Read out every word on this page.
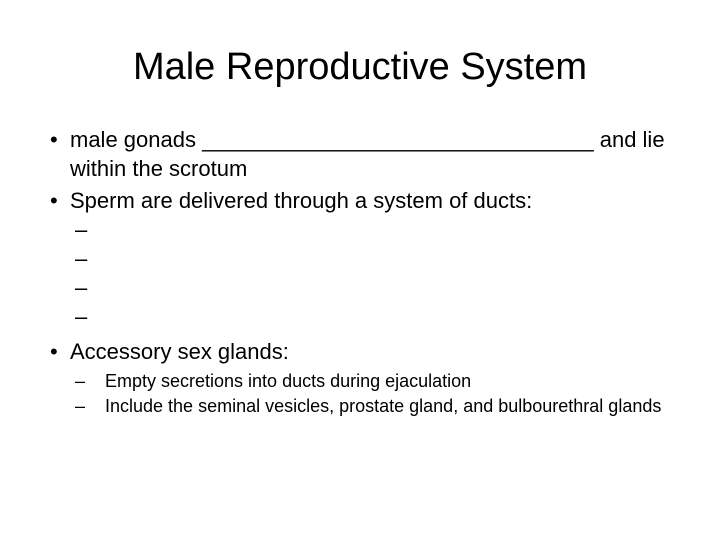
Male Reproductive System
• male gonads ________________________________ and lie within the scrotum
• Sperm are delivered through a system of ducts:
–
–
–
–
• Accessory sex glands:
– Empty secretions into ducts during ejaculation
– Include the seminal vesicles, prostate gland, and bulbourethral glands
